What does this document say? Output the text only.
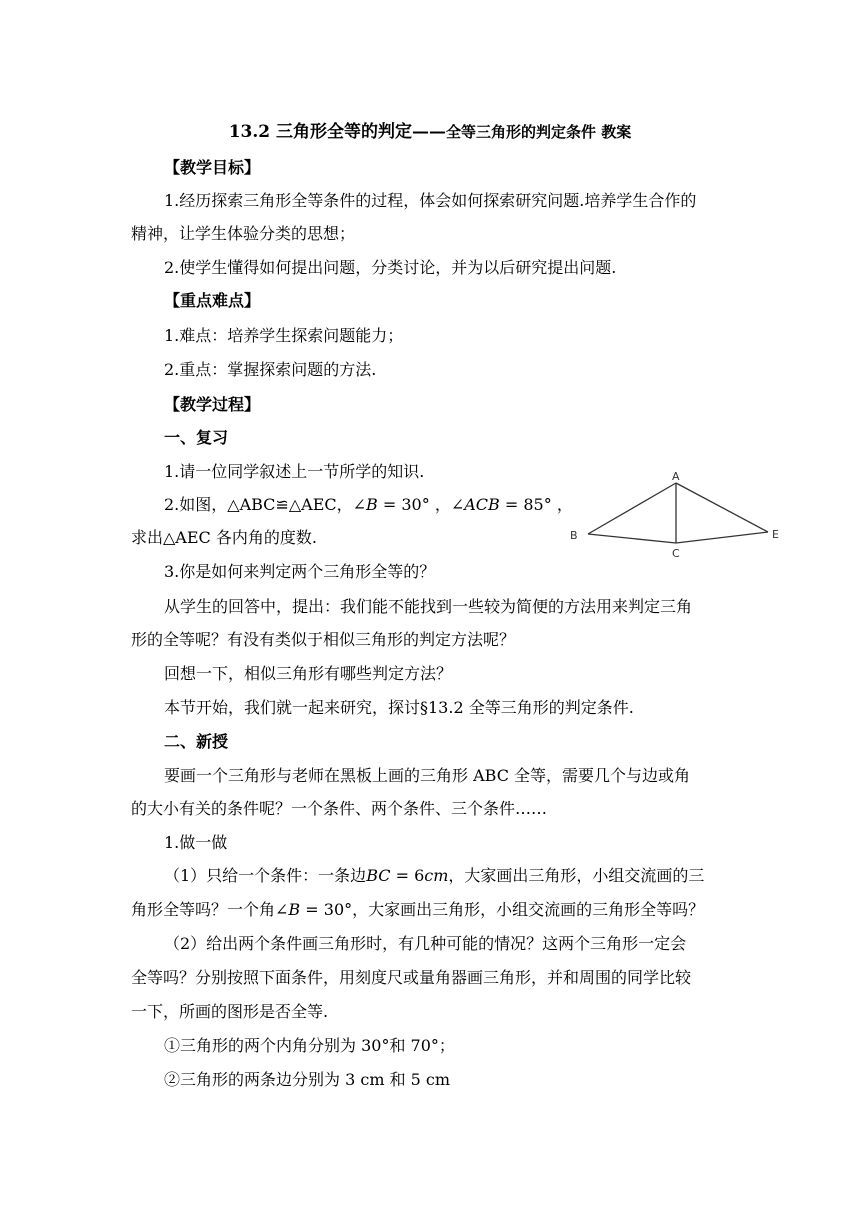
13.2 三角形全等的判定——全等三角形的判定条件 教案
【教学目标】
1.经历探索三角形全等条件的过程，体会如何探索研究问题.培养学生合作的
精神，让学生体验分类的思想；
2.使学生懂得如何提出问题，分类讨论，并为以后研究提出问题.
【重点难点】
1.难点：培养学生探索问题能力；
2.重点：掌握探索问题的方法.
【教学过程】
一、复习
1.请一位同学叙述上一节所学的知识.
2.如图，△ABC≌△AEC，∠B = 30° ，∠ACB = 85° ，
求出△AEC 各内角的度数.
A
B
C
E
3.你是如何来判定两个三角形全等的？
从学生的回答中，提出：我们能不能找到一些较为简便的方法用来判定三角
形的全等呢？有没有类似于相似三角形的判定方法呢？
回想一下，相似三角形有哪些判定方法？
本节开始，我们就一起来研究，探讨§13.2 全等三角形的判定条件.
二、新授
要画一个三角形与老师在黑板上画的三角形 ABC 全等，需要几个与边或角
的大小有关的条件呢？一个条件、两个条件、三个条件……
1.做一做
（1）只给一个条件：一条边BC = 6cm，大家画出三角形，小组交流画的三
角形全等吗？一个角∠B = 30°，大家画出三角形，小组交流画的三角形全等吗？
（2）给出两个条件画三角形时，有几种可能的情况？这两个三角形一定会
全等吗？分别按照下面条件，用刻度尺或量角器画三角形，并和周围的同学比较
一下，所画的图形是否全等.
①三角形的两个内角分别为 30°和 70°；
②三角形的两条边分别为 3 cm 和 5 cm
